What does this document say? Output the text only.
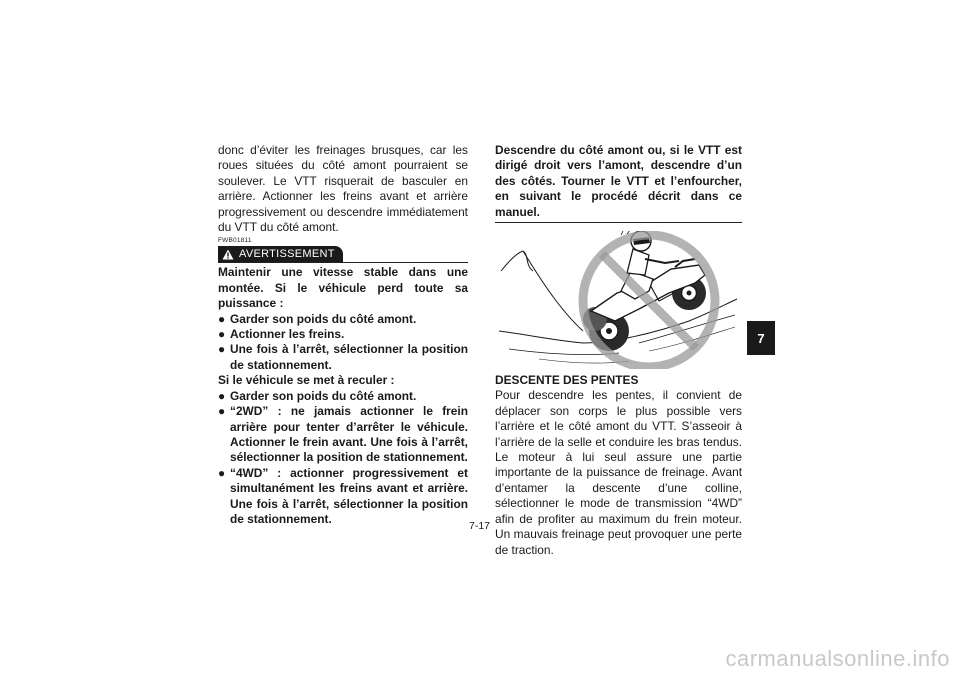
donc d’éviter les freinages brusques, car les roues situées du côté amont pourraient se soulever. Le VTT risquerait de basculer en arrière. Actionner les freins avant et arrière progressivement ou descendre immédiatement du VTT du côté amont.

FWB01811
AVERTISSEMENT

Maintenir une vitesse stable dans une montée. Si le véhicule perd toute sa puissance :

● Garder son poids du côté amont.
● Actionner les freins.
● Une fois à l’arrêt, sélectionner la position de stationnement.

Si le véhicule se met à reculer :

● Garder son poids du côté amont.
● “2WD” : ne jamais actionner le frein arrière pour tenter d’arrêter le véhicule. Actionner le frein avant. Une fois à l’arrêt, sélectionner la position de stationnement.
● “4WD” : actionner progressivement et simultanément les freins avant et arrière. Une fois à l’arrêt, sélectionner la position de stationnement.

Descendre du côté amont ou, si le VTT est dirigé droit vers l’amont, descendre d’un des côtés. Tourner le VTT et l’enfourcher, en suivant le procédé décrit dans ce manuel.

DESCENTE DES PENTES

Pour descendre les pentes, il convient de déplacer son corps le plus possible vers l’arrière et le côté amont du VTT. S’asseoir à l’arrière de la selle et conduire les bras tendus. Le moteur à lui seul assure une partie importante de la puissance de freinage. Avant d’entamer la descente d’une colline, sélectionner le mode de transmission “4WD” afin de profiter au maximum du frein moteur. Un mauvais freinage peut provoquer une perte de traction.

7-17
7
carmanualsonline.info
